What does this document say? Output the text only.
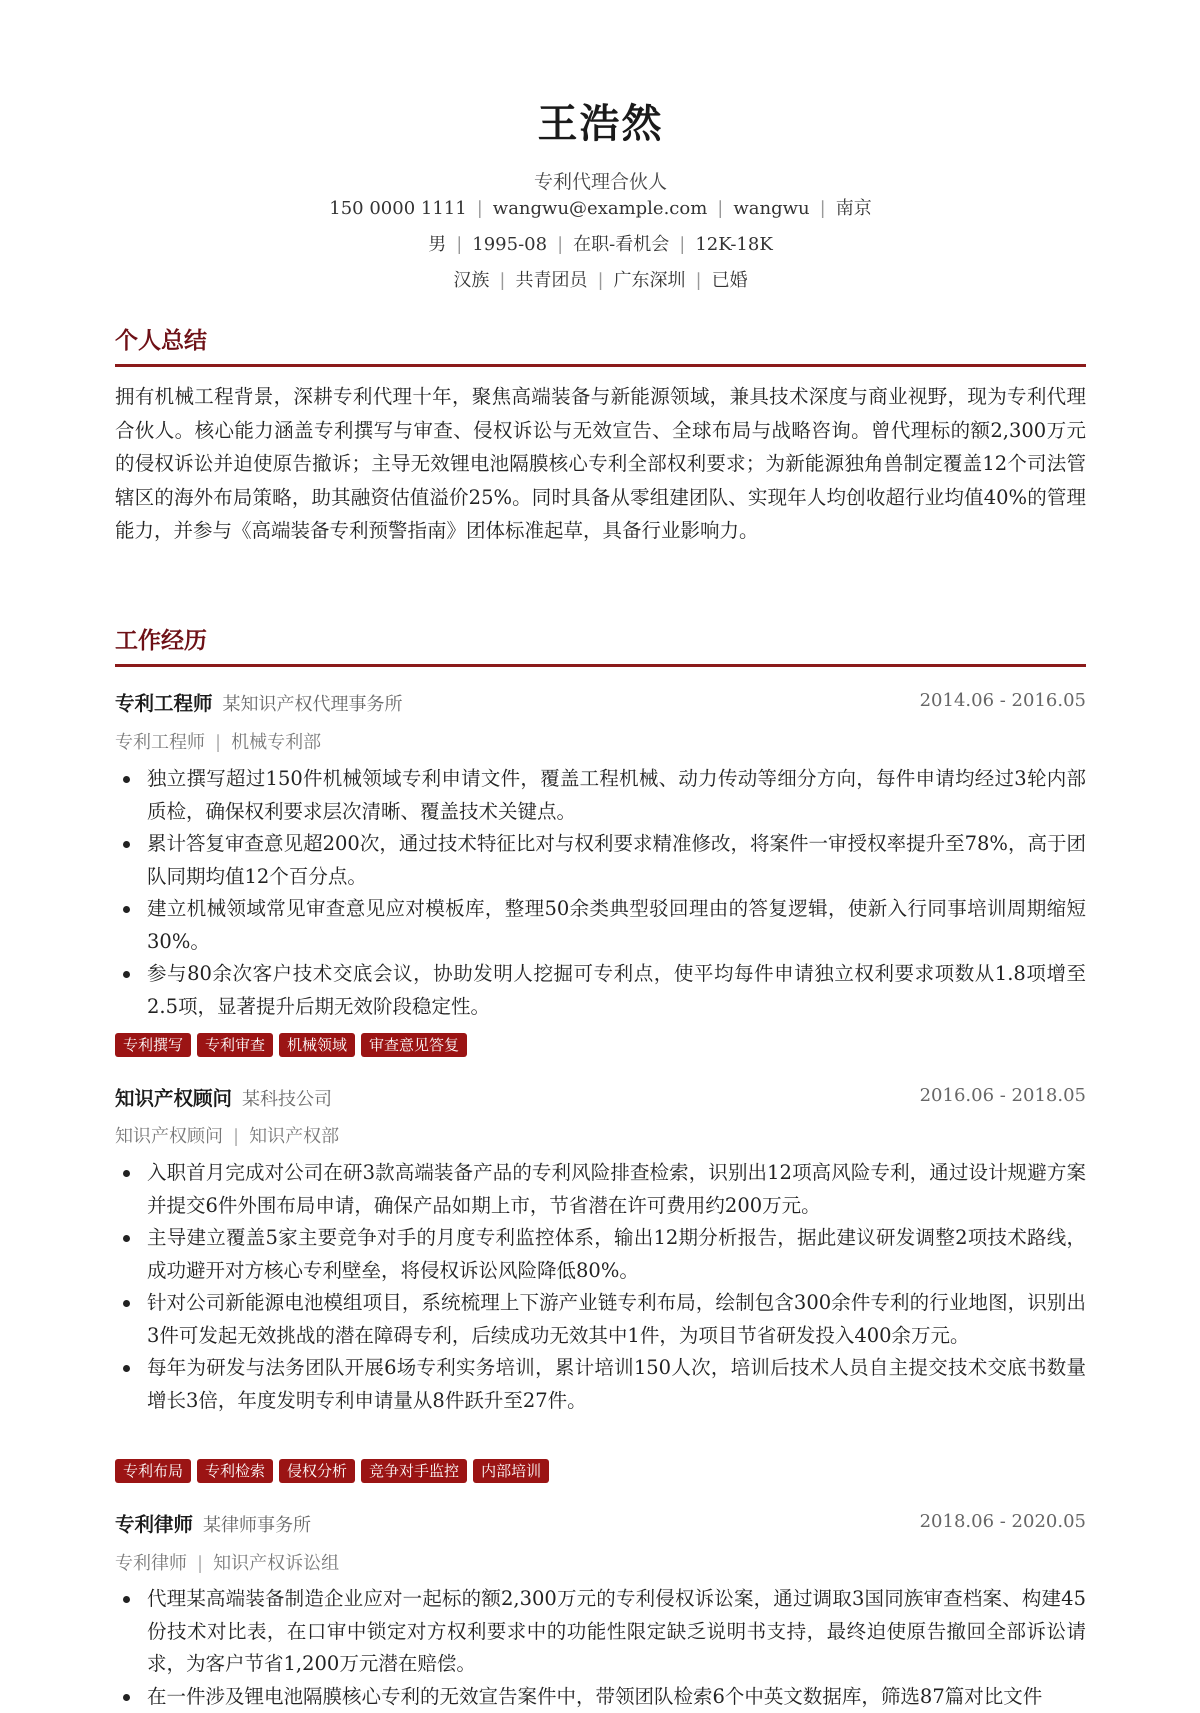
王浩然
专利代理合伙人
150 0000 1111 | wangwu@example.com | wangwu | 南京
男 | 1995-08 | 在职-看机会 | 12K-18K
汉族 | 共青团员 | 广东深圳 | 已婚
个人总结
拥有机械工程背景，深耕专利代理十年，聚焦高端装备与新能源领域，兼具技术深度与商业视野，现为专利代理合伙人。核心能力涵盖专利撰写与审查、侵权诉讼与无效宣告、全球布局与战略咨询。曾代理标的额2,300万元的侵权诉讼并迫使原告撤诉；主导无效锂电池隔膜核心专利全部权利要求；为新能源独角兽制定覆盖12个司法管辖区的海外布局策略，助其融资估值溢价25%。同时具备从零组建团队、实现年人均创收超行业均值40%的管理能力，并参与《高端装备专利预警指南》团体标准起草，具备行业影响力。
工作经历
专利工程师 某知识产权代理事务所	2014.06 - 2016.05
专利工程师 | 机械专利部
独立撰写超过150件机械领域专利申请文件，覆盖工程机械、动力传动等细分方向，每件申请均经过3轮内部质检，确保权利要求层次清晰、覆盖技术关键点。
累计答复审查意见超200次，通过技术特征比对与权利要求精准修改，将案件一审授权率提升至78%，高于团队同期均值12个百分点。
建立机械领域常见审查意见应对模板库，整理50余类典型驳回理由的答复逻辑，使新入行同事培训周期缩短30%。
参与80余次客户技术交底会议，协助发明人挖掘可专利点，使平均每件申请独立权利要求项数从1.8项增至2.5项，显著提升后期无效阶段稳定性。
专利撰写	专利审查	机械领域	审查意见答复
知识产权顾问 某科技公司	2016.06 - 2018.05
知识产权顾问 | 知识产权部
入职首月完成对公司在研3款高端装备产品的专利风险排查检索，识别出12项高风险专利，通过设计规避方案并提交6件外围布局申请，确保产品如期上市，节省潜在许可费用约200万元。
主导建立覆盖5家主要竞争对手的月度专利监控体系，输出12期分析报告，据此建议研发调整2项技术路线，成功避开对方核心专利壁垒，将侵权诉讼风险降低80%。
针对公司新能源电池模组项目，系统梳理上下游产业链专利布局，绘制包含300余件专利的行业地图，识别出3件可发起无效挑战的潜在障碍专利，后续成功无效其中1件，为项目节省研发投入400余万元。
每年为研发与法务团队开展6场专利实务培训，累计培训150人次，培训后技术人员自主提交技术交底书数量增长3倍，年度发明专利申请量从8件跃升至27件。
专利布局	专利检索	侵权分析	竞争对手监控	内部培训
专利律师 某律师事务所	2018.06 - 2020.05
专利律师 | 知识产权诉讼组
代理某高端装备制造企业应对一起标的额2,300万元的专利侵权诉讼案，通过调取3国同族审查档案、构建45份技术对比表，在口审中锁定对方权利要求中的功能性限定缺乏说明书支持，最终迫使原告撤回全部诉讼请求，为客户节省1,200万元潜在赔偿。
在一件涉及锂电池隔膜核心专利的无效宣告案件中，带领团队检索6个中英文数据库，筛选87篇对比文件
